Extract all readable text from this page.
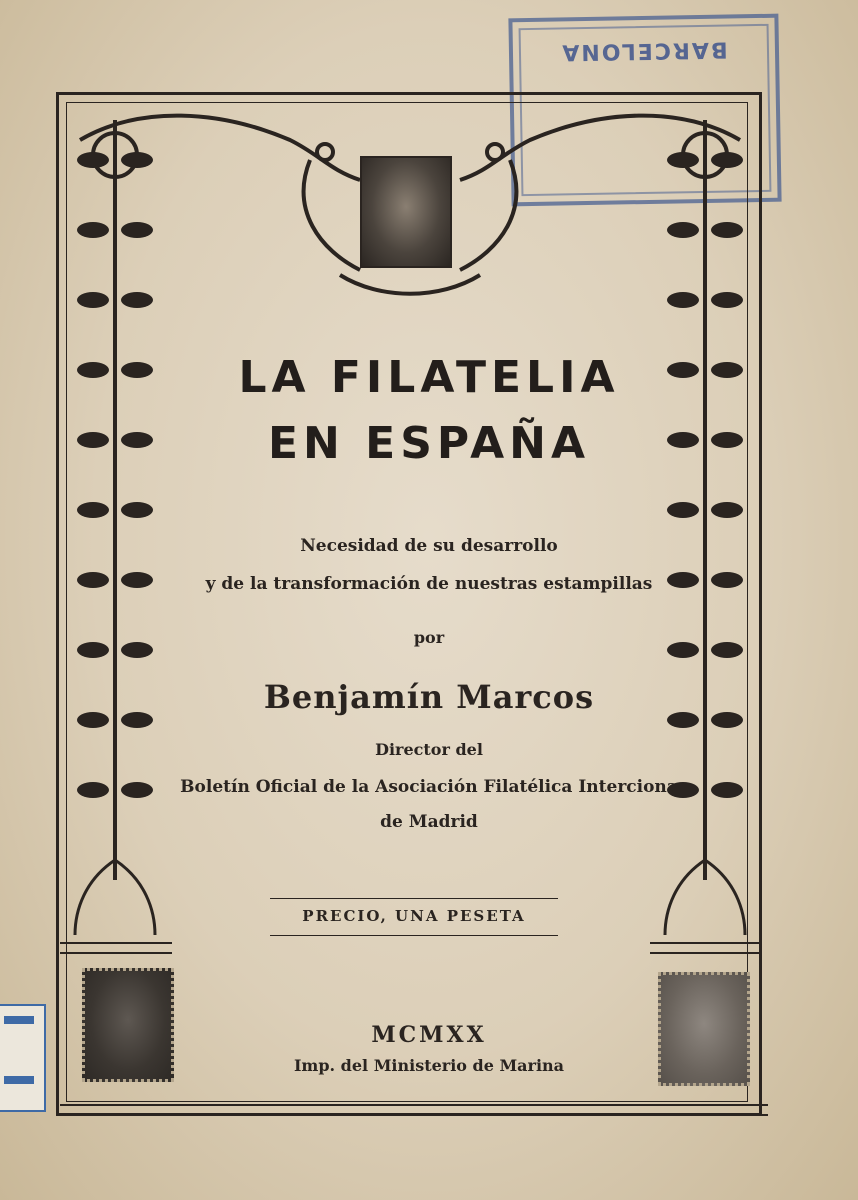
BARCELONA
LA FILATELIA
EN ESPAÑA
Necesidad de su desarrollo
y de la transformación de nuestras estampillas
por
Benjamín Marcos
Director del
Boletín Oficial de la Asociación Filatélica Interciona
de Madrid
PRECIO, UNA PESETA
MCMXX
Imp. del Ministerio de Marina
